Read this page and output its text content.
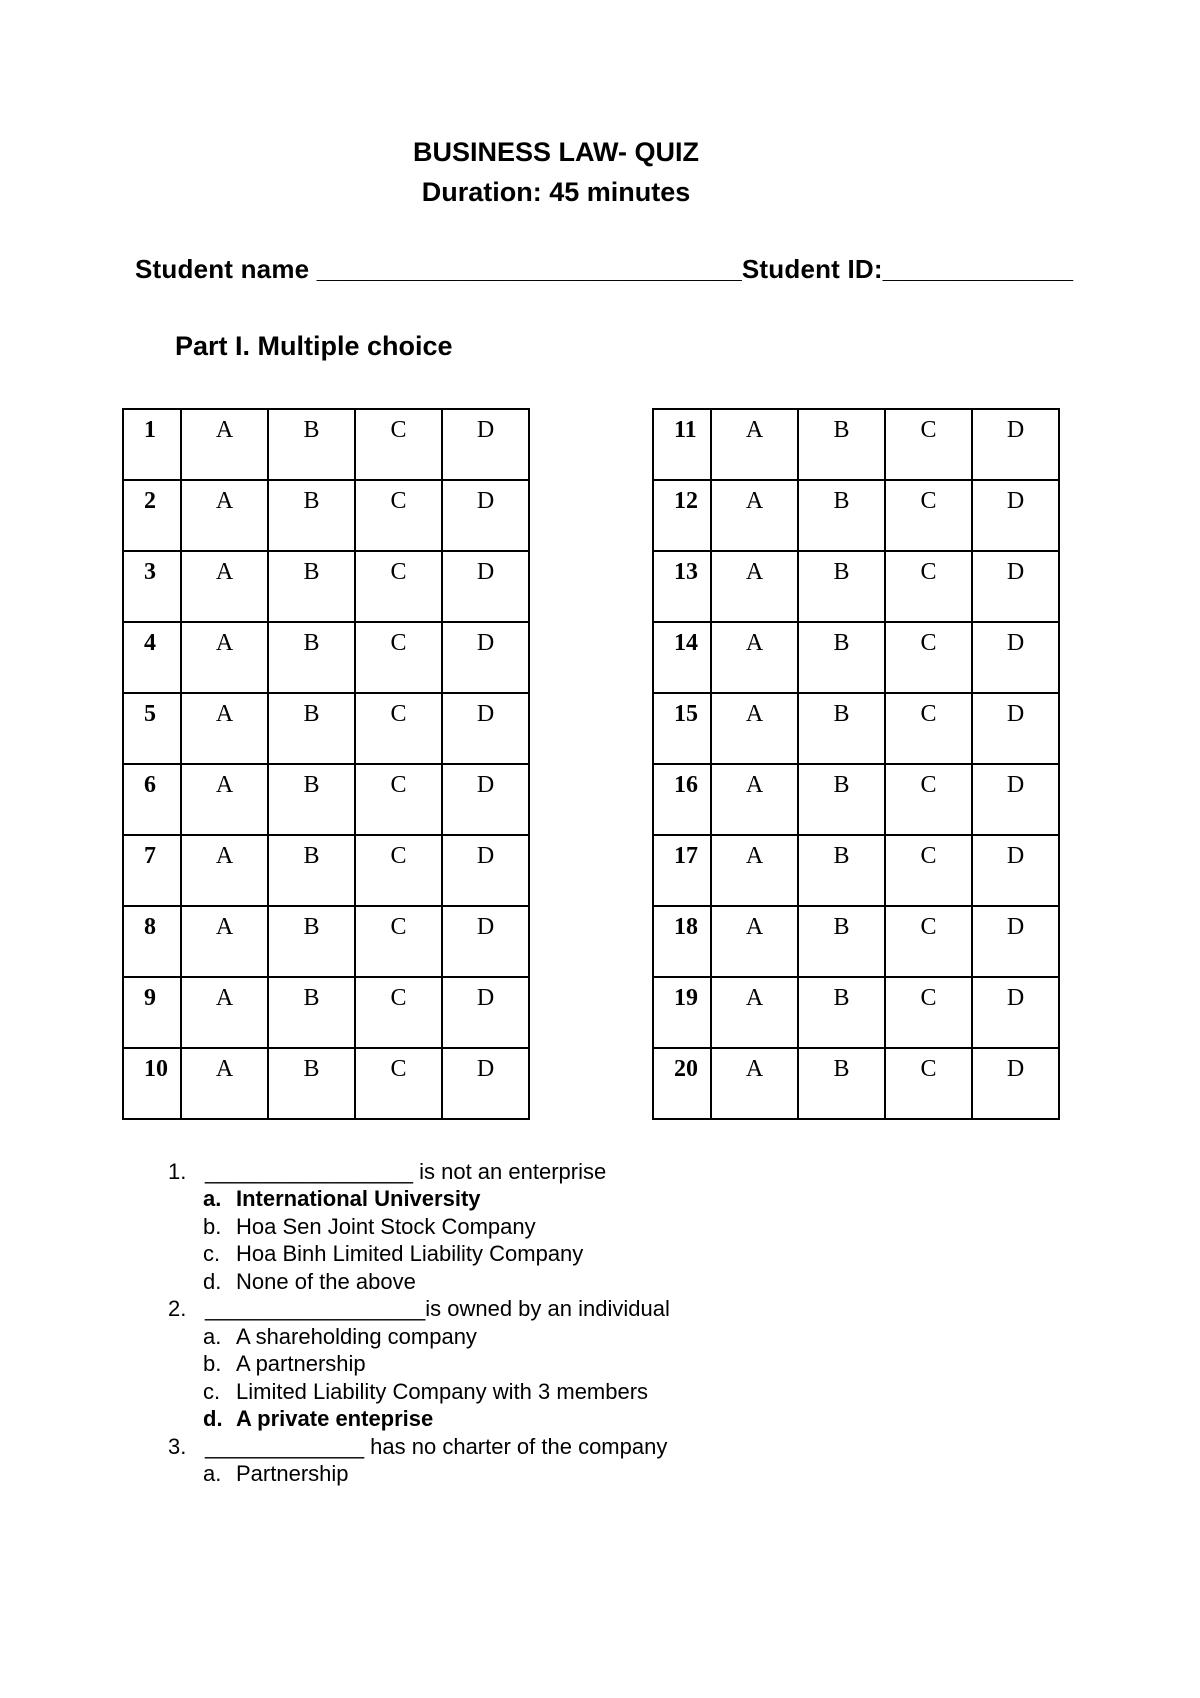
BUSINESS LAW- QUIZ
Duration: 45 minutes
Student name _____________________________Student ID:_____________
Part I. Multiple choice
1	A	B	C	D
2	A	B	C	D
3	A	B	C	D
4	A	B	C	D
5	A	B	C	D
6	A	B	C	D
7	A	B	C	D
8	A	B	C	D
9	A	B	C	D
10	A	B	C	D
11	A	B	C	D
12	A	B	C	D
13	A	B	C	D
14	A	B	C	D
15	A	B	C	D
16	A	B	C	D
17	A	B	C	D
18	A	B	C	D
19	A	B	C	D
20	A	B	C	D
1. _________________ is not an enterprise
a. International University
b. Hoa Sen Joint Stock Company
c. Hoa Binh Limited Liability Company
d. None of the above
2. __________________is owned by an individual
a. A shareholding company
b. A partnership
c. Limited Liability Company with 3 members
d. A private enteprise
3. _____________ has no charter of the company
a. Partnership
